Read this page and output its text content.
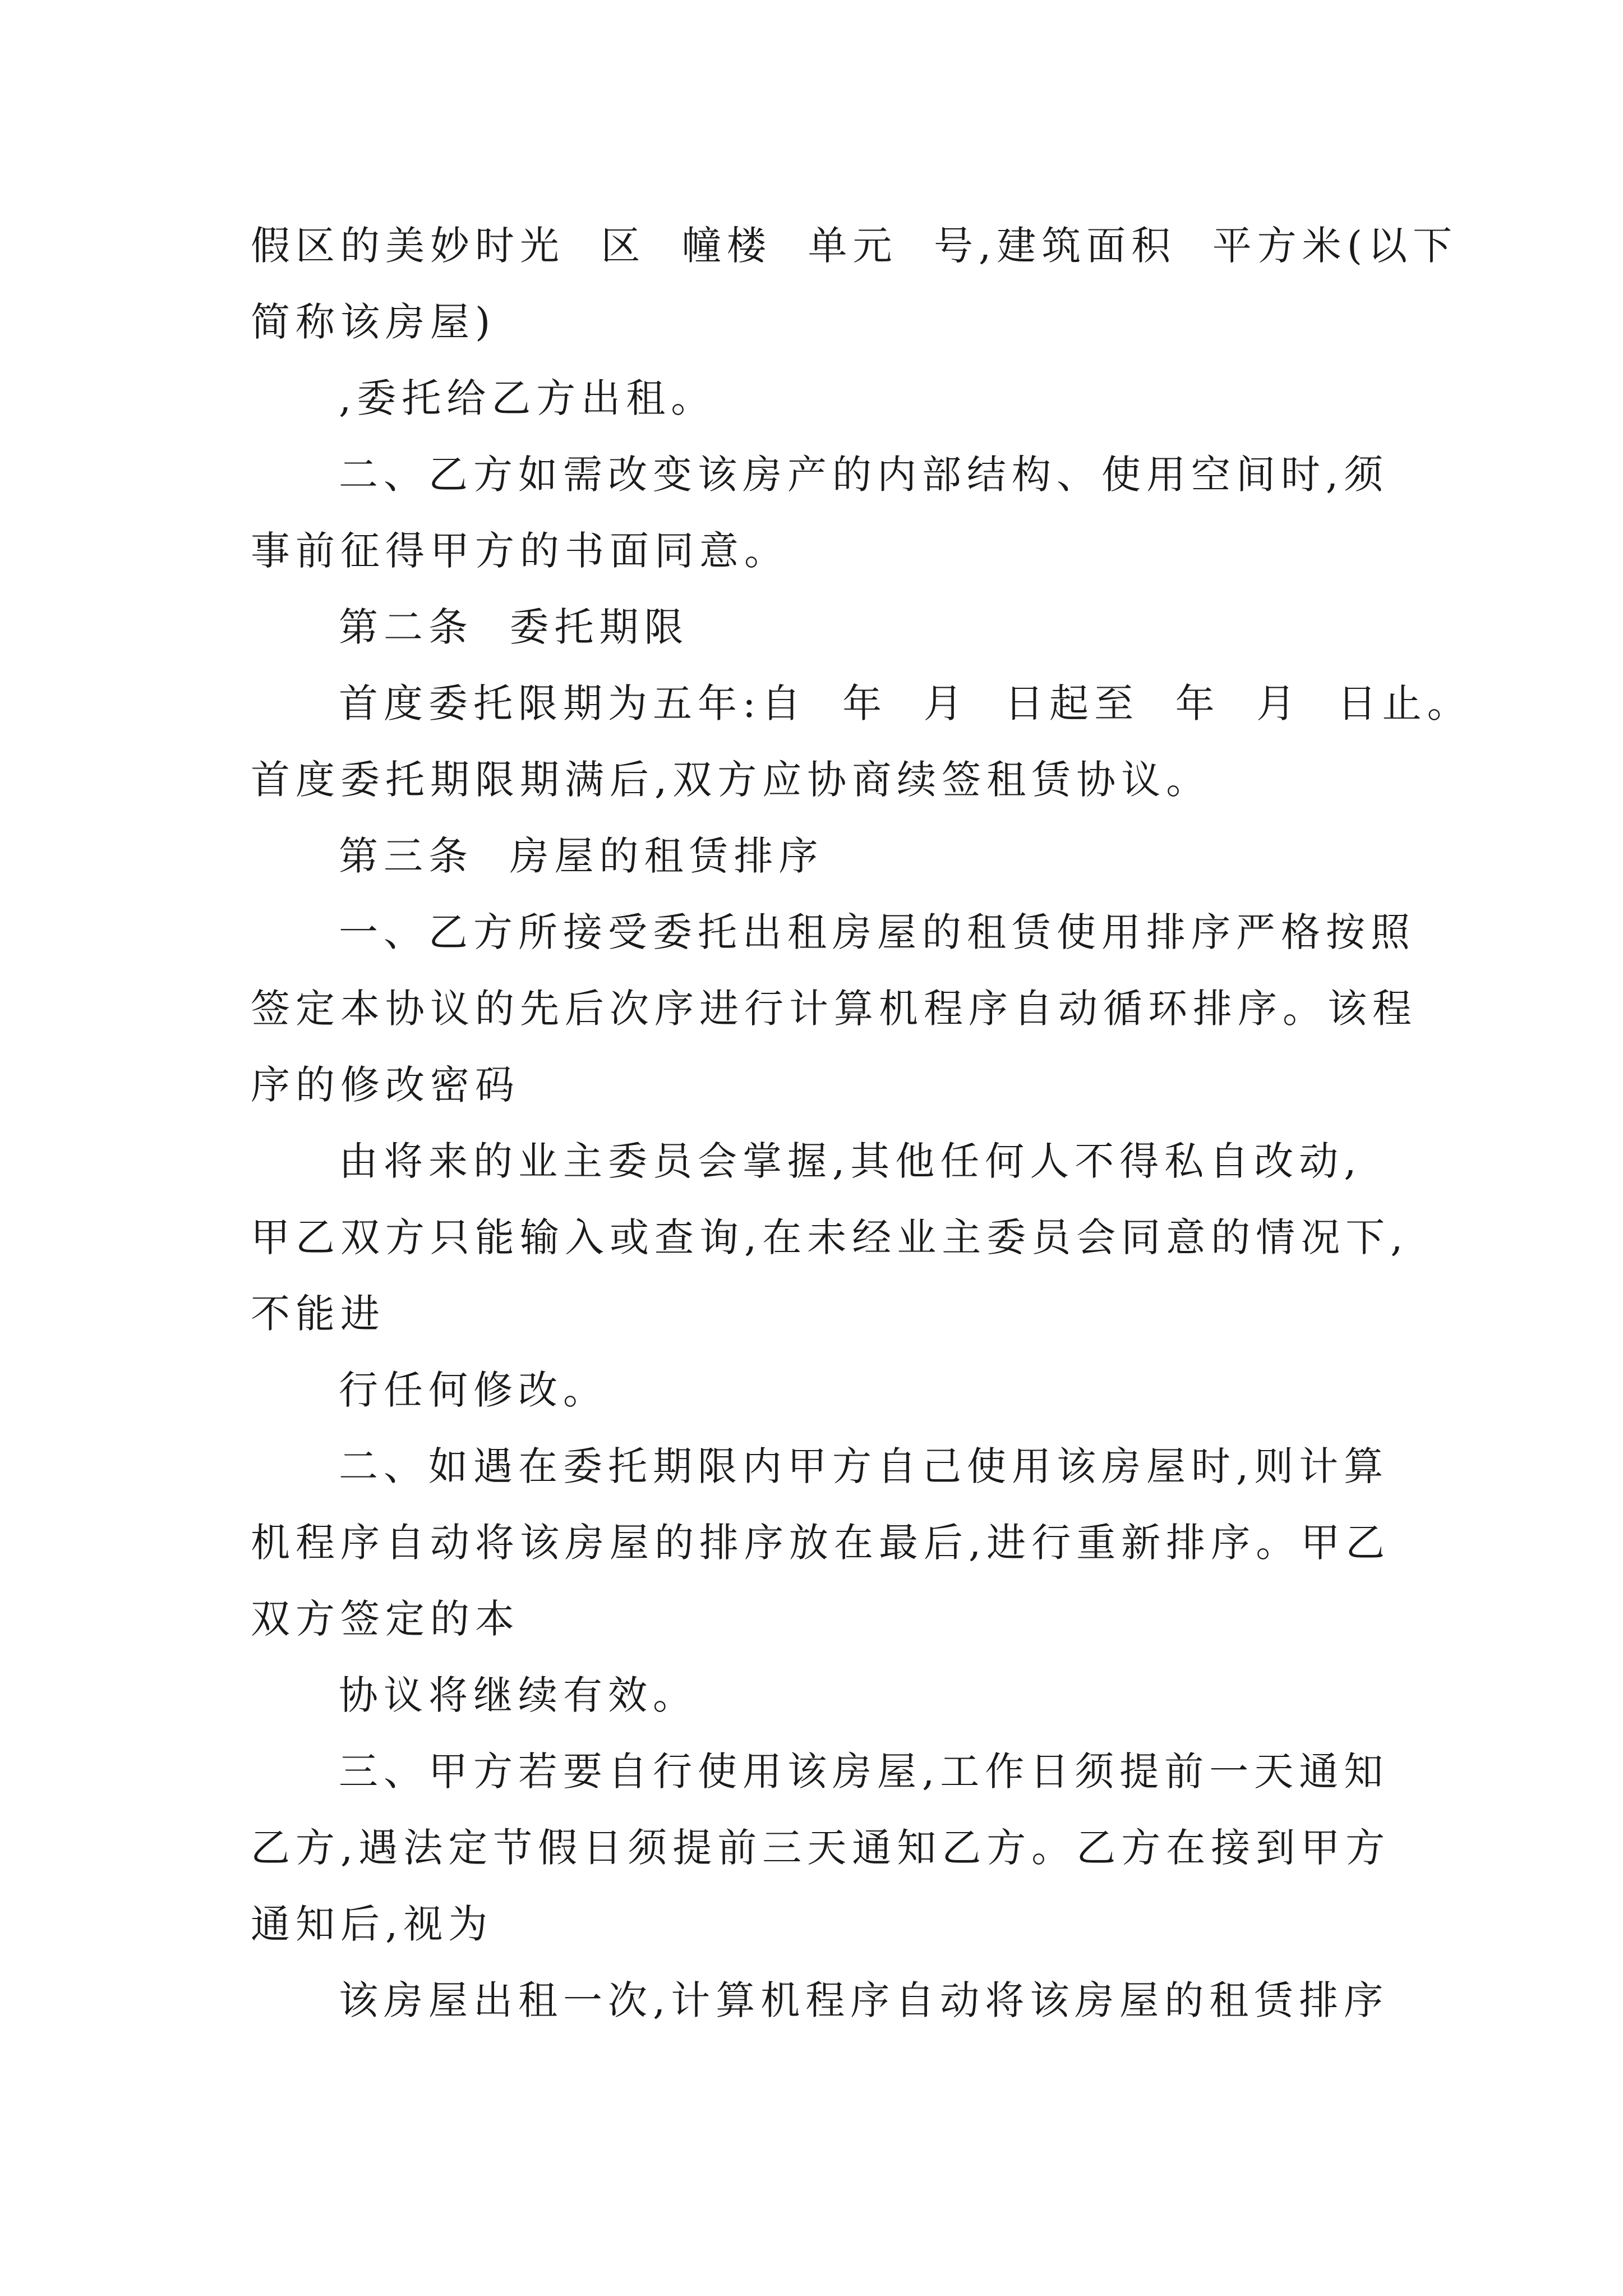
假区的美妙时光  区  幢楼  单元  号,建筑面积  平方米(以下
简称该房屋)
,委托给乙方出租。
二、乙方如需改变该房产的内部结构、使用空间时,须
事前征得甲方的书面同意。
第二条  委托期限
首度委托限期为五年:自  年  月  日起至  年  月  日止。
首度委托期限期满后,双方应协商续签租赁协议。
第三条  房屋的租赁排序
一、乙方所接受委托出租房屋的租赁使用排序严格按照
签定本协议的先后次序进行计算机程序自动循环排序。该程
序的修改密码
由将来的业主委员会掌握,其他任何人不得私自改动,
甲乙双方只能输入或查询,在未经业主委员会同意的情况下,
不能进
行任何修改。
二、如遇在委托期限内甲方自己使用该房屋时,则计算
机程序自动将该房屋的排序放在最后,进行重新排序。甲乙
双方签定的本
协议将继续有效。
三、甲方若要自行使用该房屋,工作日须提前一天通知
乙方,遇法定节假日须提前三天通知乙方。乙方在接到甲方
通知后,视为
该房屋出租一次,计算机程序自动将该房屋的租赁排序
